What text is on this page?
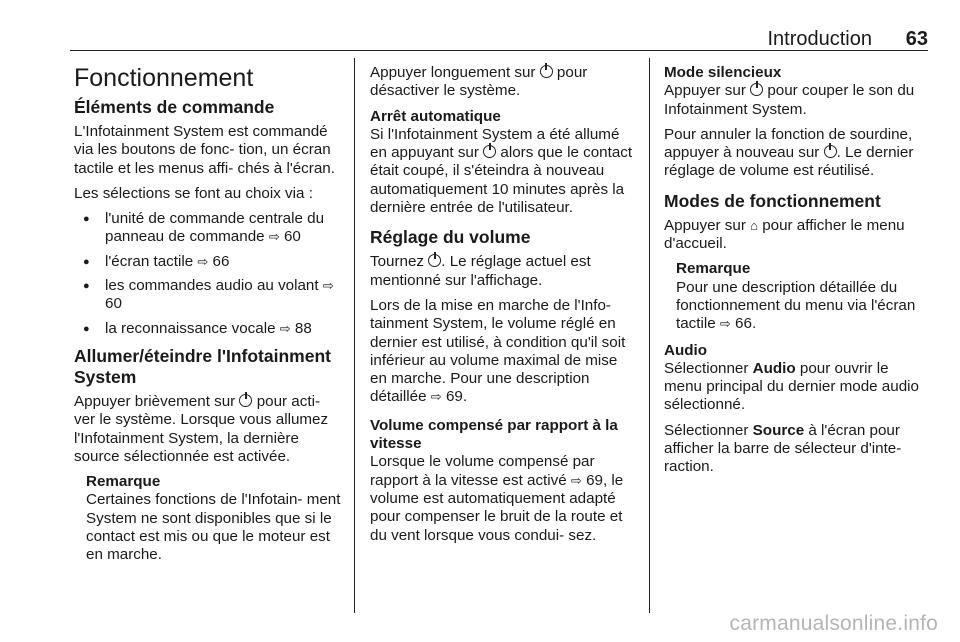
Introduction 63
Fonctionnement
Éléments de commande

L'Infotainment System est commandé via les boutons de fonc- tion, un écran tactile et les menus affi- chés à l'écran.

Les sélections se font au choix via :

● l'unité de commande centrale du panneau de commande ⇨ 60
● l'écran tactile ⇨ 66
● les commandes audio au volant ⇨ 60
● la reconnaissance vocale ⇨ 88
Allumer/éteindre l'Infotainment System

Appuyer brièvement sur  pour acti- ver le système. Lorsque vous allumez l'Infotainment System, la dernière source sélectionnée est activée.

Remarque
Certaines fonctions de l'Infotain- ment System ne sont disponibles que si le contact est mis ou que le moteur est en marche.

Appuyer longuement sur  pour désactiver le système.

Arrêt automatique

Si l'Infotainment System a été allumé en appuyant sur  alors que le contact était coupé, il s'éteindra à nouveau automatiquement 10 minutes après la dernière entrée de l'utilisateur.

Réglage du volume

Tournez . Le réglage actuel est mentionné sur l'affichage.

Lors de la mise en marche de l'Info- tainment System, le volume réglé en dernier est utilisé, à condition qu'il soit inférieur au volume maximal de mise en marche. Pour une description détaillée ⇨ 69.

Volume compensé par rapport à la vitesse

Lorsque le volume compensé par rapport à la vitesse est activé ⇨ 69, le volume est automatiquement adapté pour compenser le bruit de la route et du vent lorsque vous condui- sez.

Mode silencieux

Appuyer sur  pour couper le son du Infotainment System.

Pour annuler la fonction de sourdine, appuyer à nouveau sur . Le dernier réglage de volume est réutilisé.

Modes de fonctionnement

Appuyer sur ⌂ pour afficher le menu d'accueil.

Remarque
Pour une description détaillée du fonctionnement du menu via l'écran tactile ⇨ 66.
Audio

Sélectionner Audio pour ouvrir le menu principal du dernier mode audio sélectionné.

Sélectionner Source à l'écran pour afficher la barre de sélecteur d'inte- raction.

carmanualsonline.info
